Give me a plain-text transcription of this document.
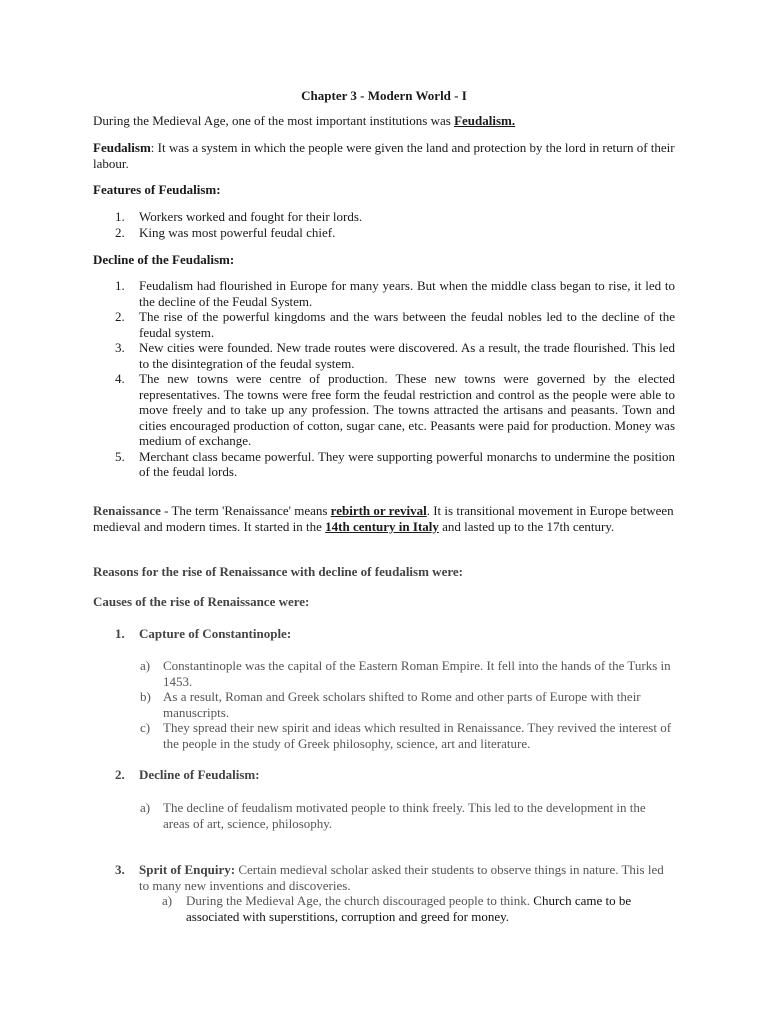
Chapter 3 - Modern World - I
During the Medieval Age, one of the most important institutions was Feudalism.
Feudalism: It was a system in which the people were given the land and protection by the lord in return of their labour.
Features of Feudalism:
1. Workers worked and fought for their lords.
2. King was most powerful feudal chief.
Decline of the Feudalism:
1. Feudalism had flourished in Europe for many years. But when the middle class began to rise, it led to the decline of the Feudal System.
2. The rise of the powerful kingdoms and the wars between the feudal nobles led to the decline of the feudal system.
3. New cities were founded. New trade routes were discovered. As a result, the trade flourished. This led to the disintegration of the feudal system.
4. The new towns were centre of production. These new towns were governed by the elected representatives. The towns were free form the feudal restriction and control as the people were able to move freely and to take up any profession. The towns attracted the artisans and peasants. Town and cities encouraged production of cotton, sugar cane, etc. Peasants were paid for production. Money was medium of exchange.
5. Merchant class became powerful. They were supporting powerful monarchs to undermine the position of the feudal lords.
Renaissance - The term 'Renaissance' means rebirth or revival. It is transitional movement in Europe between medieval and modern times. It started in the 14th century in Italy and lasted up to the 17th century.
Reasons for the rise of Renaissance with decline of feudalism were:
Causes of the rise of Renaissance were:
1. Capture of Constantinople:
a) Constantinople was the capital of the Eastern Roman Empire. It fell into the hands of the Turks in 1453.
b) As a result, Roman and Greek scholars shifted to Rome and other parts of Europe with their manuscripts.
c) They spread their new spirit and ideas which resulted in Renaissance. They revived the interest of the people in the study of Greek philosophy, science, art and literature.
2. Decline of Feudalism:
a) The decline of feudalism motivated people to think freely. This led to the development in the areas of art, science, philosophy.
3. Sprit of Enquiry: Certain medieval scholar asked their students to observe things in nature. This led to many new inventions and discoveries.
a) During the Medieval Age, the church discouraged people to think. Church came to be associated with superstitions, corruption and greed for money.
